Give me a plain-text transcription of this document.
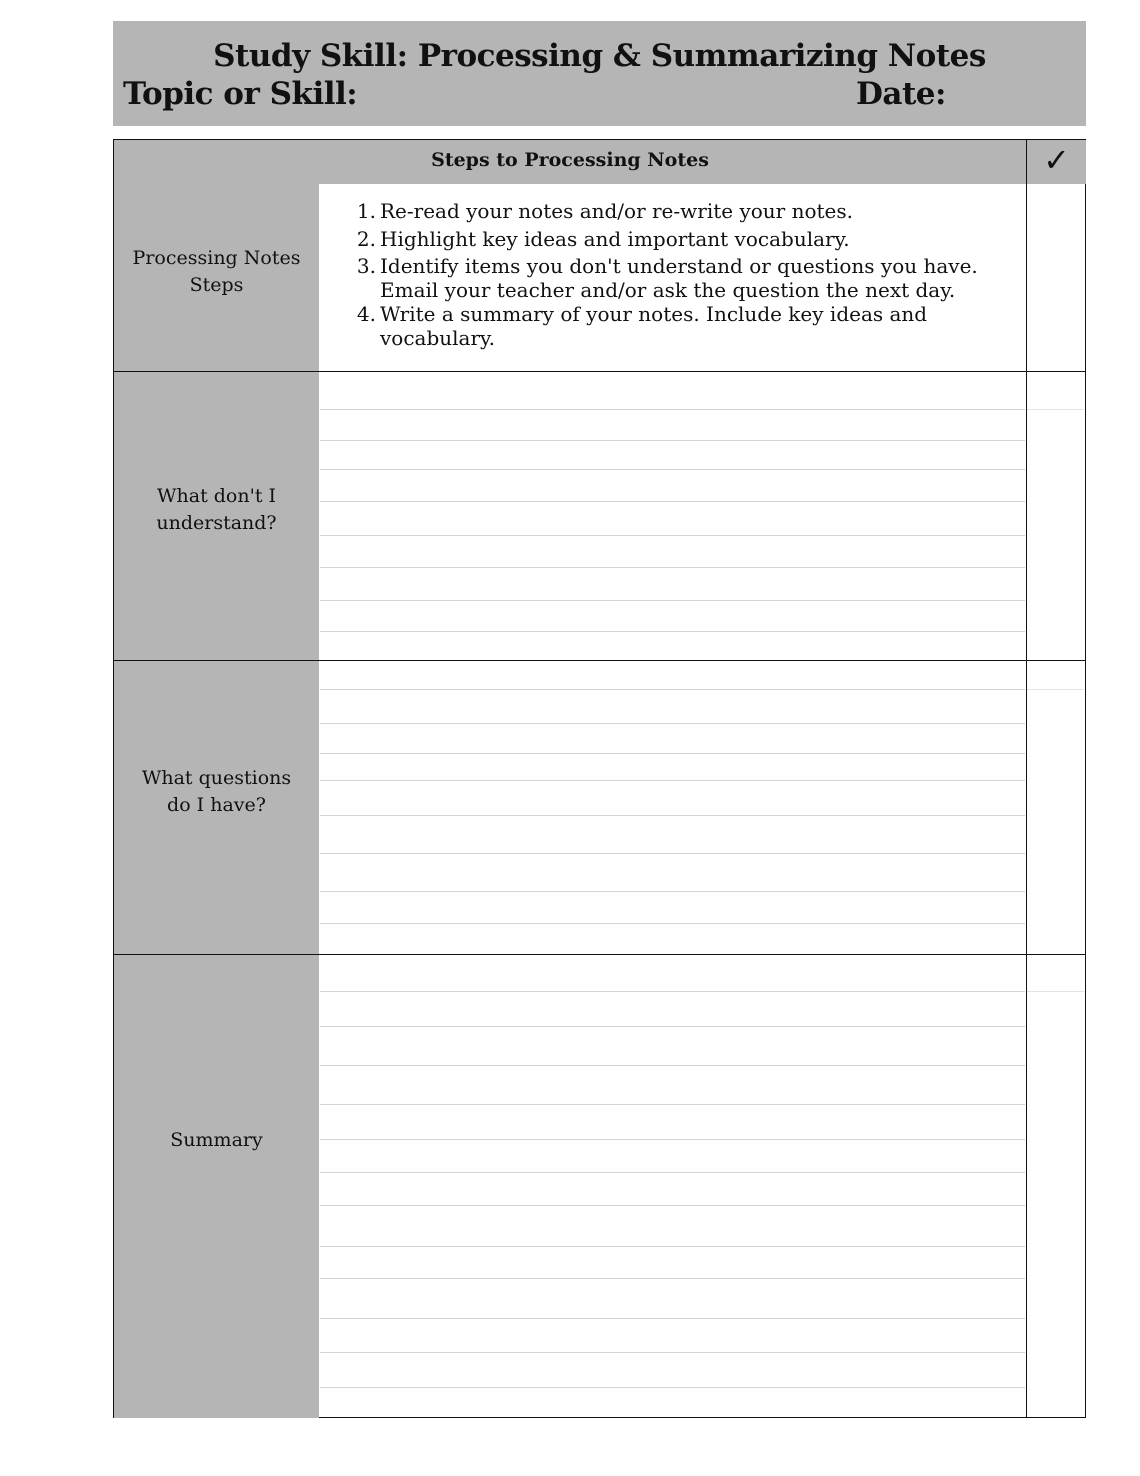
Study Skill: Processing & Summarizing Notes
Topic or Skill:	Date:
Steps to Processing Notes	✓
Processing Notes
Steps
What don't I
understand?
What questions
do I have?
Summary
1. Re-read your notes and/or re-write your notes.
2. Highlight key ideas and important vocabulary.
3. Identify items you don't understand or questions you have.
Email your teacher and/or ask the question the next day.
4. Write a summary of your notes. Include key ideas and
vocabulary.
